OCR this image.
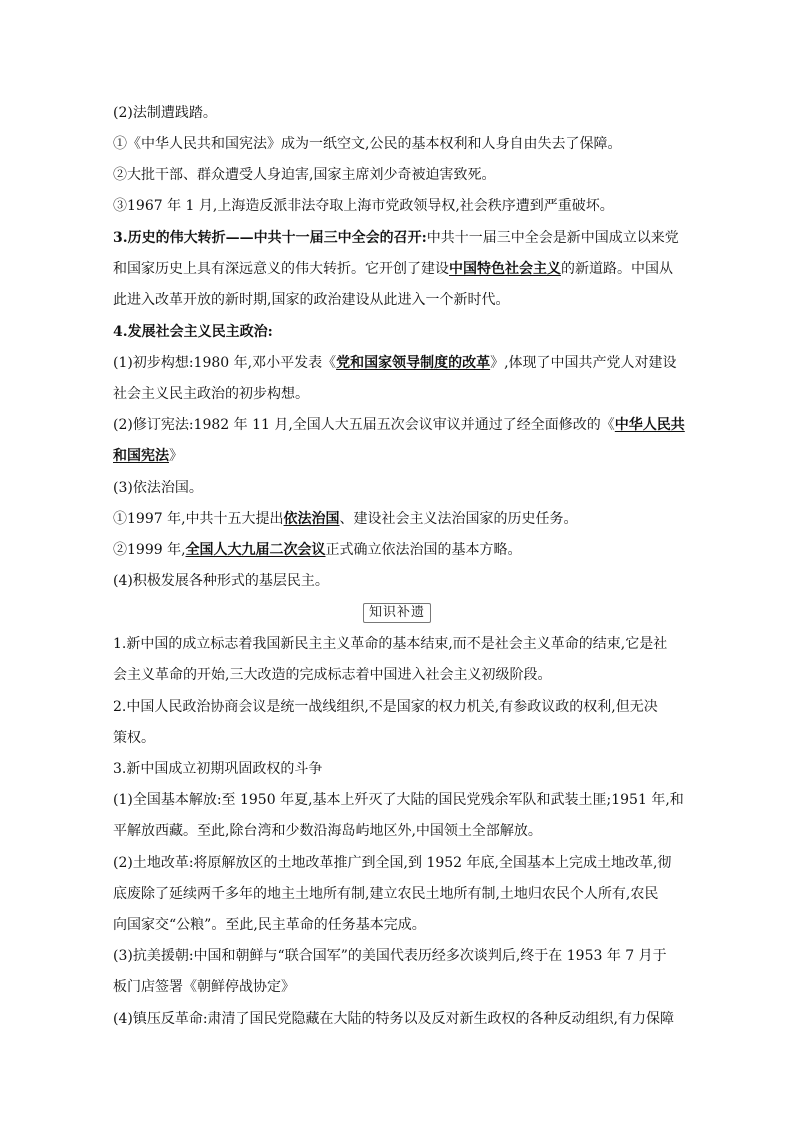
(2)法制遭践踏。
①《中华人民共和国宪法》成为一纸空文,公民的基本权利和人身自由失去了保障。
②大批干部、群众遭受人身迫害,国家主席刘少奇被迫害致死。
③1967 年 1 月,上海造反派非法夺取上海市党政领导权,社会秩序遭到严重破坏。
3.历史的伟大转折——中共十一届三中全会的召开:中共十一届三中全会是新中国成立以来党
和国家历史上具有深远意义的伟大转折。它开创了建设中国特色社会主义的新道路。中国从
此进入改革开放的新时期,国家的政治建设从此进入一个新时代。
4.发展社会主义民主政治:
(1)初步构想:1980 年,邓小平发表《党和国家领导制度的改革》,体现了中国共产党人对建设
社会主义民主政治的初步构想。
(2)修订宪法:1982 年 11 月,全国人大五届五次会议审议并通过了经全面修改的《中华人民共
和国宪法》
(3)依法治国。
①1997 年,中共十五大提出依法治国、建设社会主义法治国家的历史任务。
②1999 年,全国人大九届二次会议正式确立依法治国的基本方略。
(4)积极发展各种形式的基层民主。
1.新中国的成立标志着我国新民主主义革命的基本结束,而不是社会主义革命的结束,它是社
会主义革命的开始,三大改造的完成标志着中国进入社会主义初级阶段。
2.中国人民政治协商会议是统一战线组织,不是国家的权力机关,有参政议政的权利,但无决
策权。
3.新中国成立初期巩固政权的斗争
(1)全国基本解放:至 1950 年夏,基本上歼灭了大陆的国民党残余军队和武装土匪;1951 年,和
平解放西藏。至此,除台湾和少数沿海岛屿地区外,中国领土全部解放。
(2)土地改革:将原解放区的土地改革推广到全国,到 1952 年底,全国基本上完成土地改革,彻
底废除了延续两千多年的地主土地所有制,建立农民土地所有制,土地归农民个人所有,农民
向国家交“公粮”。至此,民主革命的任务基本完成。
(3)抗美援朝:中国和朝鲜与“联合国军”的美国代表历经多次谈判后,终于在 1953 年 7 月于
板门店签署《朝鲜停战协定》
(4)镇压反革命:肃清了国民党隐藏在大陆的特务以及反对新生政权的各种反动组织,有力保障
知识补遗
